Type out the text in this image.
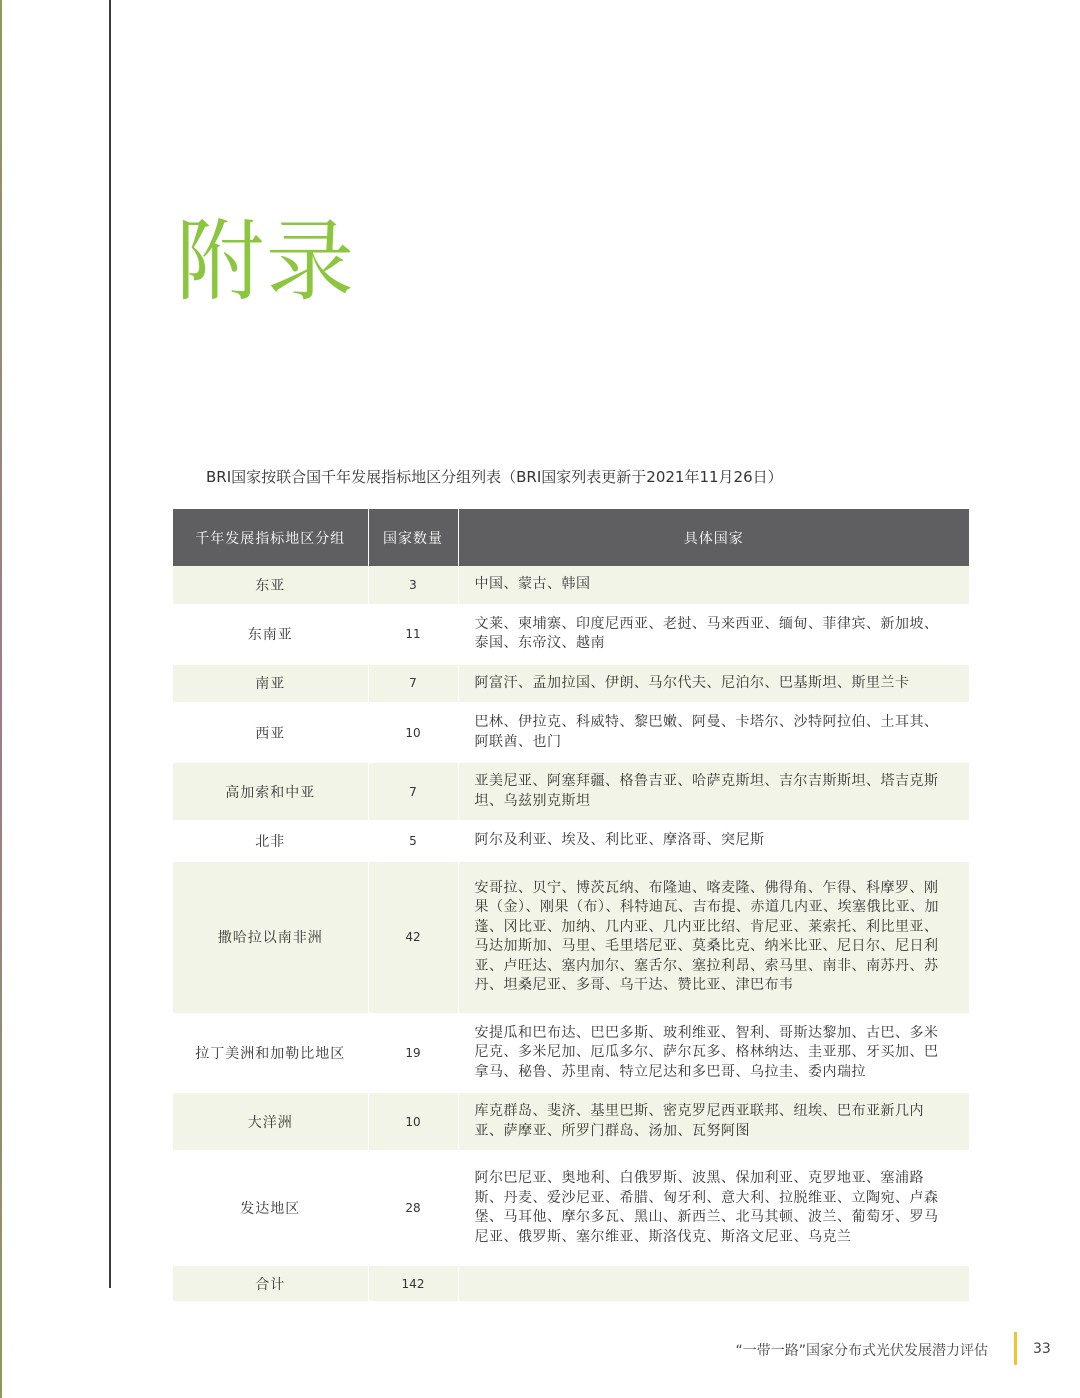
附录
BRI国家按联合国千年发展指标地区分组列表（BRI国家列表更新于2021年11月26日）
千年发展指标地区分组	国家数量	具体国家
东亚	3	中国、蒙古、韩国
东南亚	11	文莱、柬埔寨、印度尼西亚、老挝、马来西亚、缅甸、菲律宾、新加坡、泰国、东帝汶、越南
南亚	7	阿富汗、孟加拉国、伊朗、马尔代夫、尼泊尔、巴基斯坦、斯里兰卡
西亚	10	巴林、伊拉克、科威特、黎巴嫩、阿曼、卡塔尔、沙特阿拉伯、土耳其、阿联酋、也门
高加索和中亚	7	亚美尼亚、阿塞拜疆、格鲁吉亚、哈萨克斯坦、吉尔吉斯斯坦、塔吉克斯坦、乌兹别克斯坦
北非	5	阿尔及利亚、埃及、利比亚、摩洛哥、突尼斯
撒哈拉以南非洲	42	安哥拉、贝宁、博茨瓦纳、布隆迪、喀麦隆、佛得角、乍得、科摩罗、刚果（金）、刚果（布）、科特迪瓦、吉布提、赤道几内亚、埃塞俄比亚、加蓬、冈比亚、加纳、几内亚、几内亚比绍、肯尼亚、莱索托、利比里亚、马达加斯加、马里、毛里塔尼亚、莫桑比克、纳米比亚、尼日尔、尼日利亚、卢旺达、塞内加尔、塞舌尔、塞拉利昂、索马里、南非、南苏丹、苏丹、坦桑尼亚、多哥、乌干达、赞比亚、津巴布韦
拉丁美洲和加勒比地区	19	安提瓜和巴布达、巴巴多斯、玻利维亚、智利、哥斯达黎加、古巴、多米尼克、多米尼加、厄瓜多尔、萨尔瓦多、格林纳达、圭亚那、牙买加、巴拿马、秘鲁、苏里南、特立尼达和多巴哥、乌拉圭、委内瑞拉
大洋洲	10	库克群岛、斐济、基里巴斯、密克罗尼西亚联邦、纽埃、巴布亚新几内亚、萨摩亚、所罗门群岛、汤加、瓦努阿图
发达地区	28	阿尔巴尼亚、奥地利、白俄罗斯、波黑、保加利亚、克罗地亚、塞浦路斯、丹麦、爱沙尼亚、希腊、匈牙利、意大利、拉脱维亚、立陶宛、卢森堡、马耳他、摩尔多瓦、黑山、新西兰、北马其顿、波兰、葡萄牙、罗马尼亚、俄罗斯、塞尔维亚、斯洛伐克、斯洛文尼亚、乌克兰
合计	142	
“一带一路”国家分布式光伏发展潜力评估	33
